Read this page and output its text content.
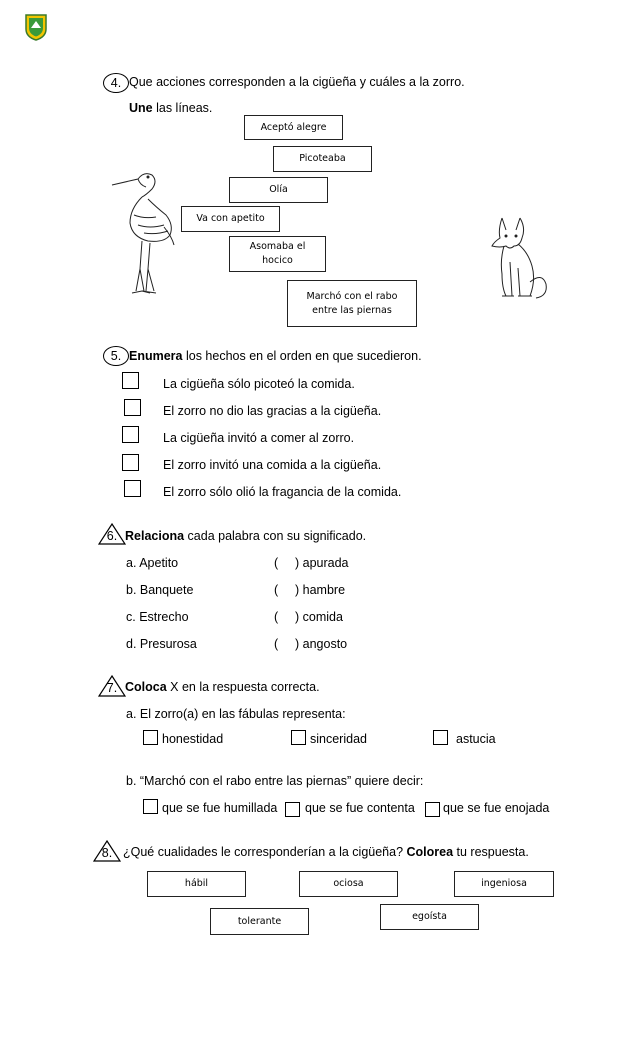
4. Que acciones corresponden a la cigüeña y cuáles a la zorro.
Une las líneas.
Aceptó alegre
Picoteaba
Olía
Va con apetito
Asomaba el hocico
Marchó con el rabo entre las piernas
5. Enumera los hechos en el orden en que sucedieron.
La cigüeña sólo picoteó la comida.
El zorro no dio las gracias a la cigüeña.
La cigüeña invitó a comer al zorro.
El zorro invitó una comida a la cigüeña.
El zorro sólo olió la fragancia de la comida.
6. Relaciona cada palabra con su significado.
a. Apetito	( ) apurada
b. Banquete	( ) hambre
c. Estrecho	( ) comida
d. Presurosa	( ) angosto
7. Coloca X en la respuesta correcta.
a. El zorro(a) en las fábulas representa:
honestidad	sinceridad	astucia
b. “Marchó con el rabo entre las piernas” quiere decir:
que se fue humillada que se fue contenta que se fue enojada
8. ¿Qué cualidades le corresponderían a la cigüeña? Colorea tu respuesta.
hábil	ociosa	ingeniosa
tolerante	egoísta
